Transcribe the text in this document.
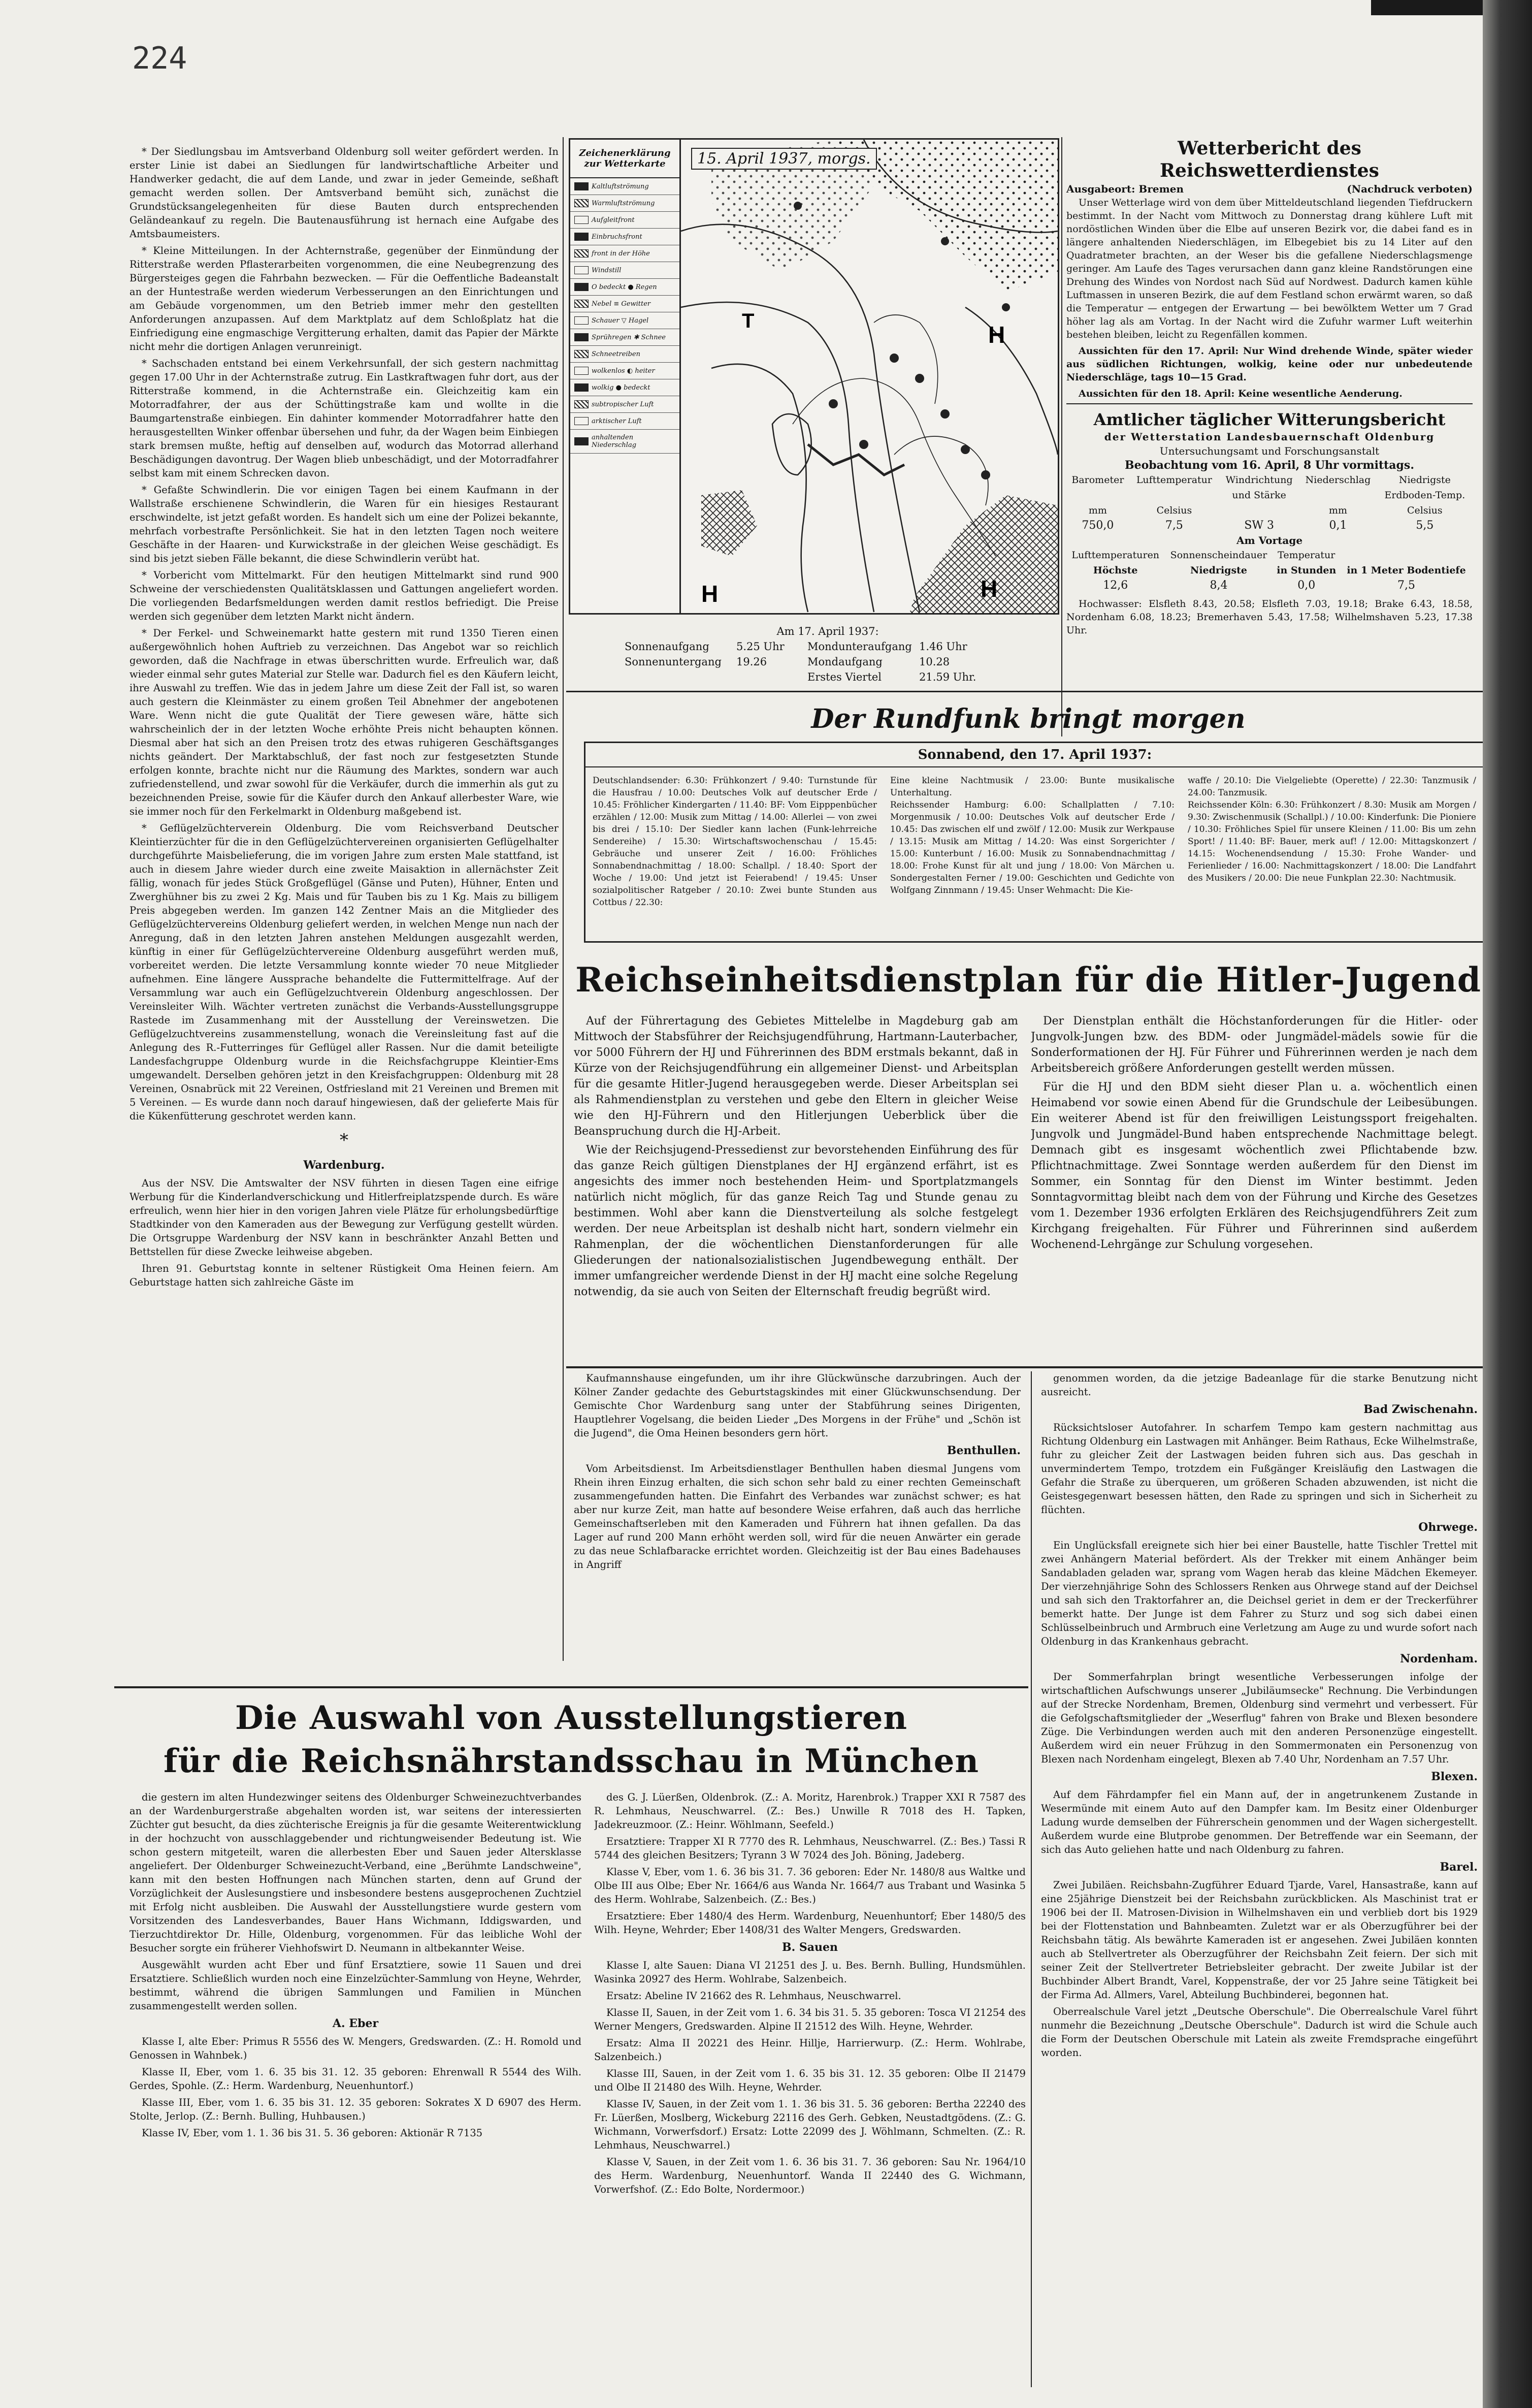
224

* Der Siedlungsbau im Amtsverband Oldenburg soll weiter gefördert werden. In erster Linie ist dabei an Siedlungen für landwirtschaftliche Arbeiter und Handwerker gedacht, die auf dem Lande, und zwar in jeder Gemeinde, seßhaft gemacht werden sollen. Der Amtsverband bemüht sich, zunächst die Grundstücksangelegenheiten für diese Bauten durch entsprechenden Geländeankauf zu regeln. Die Bautenausführung ist hernach eine Aufgabe des Amtsbaumeisters.

* Kleine Mitteilungen. In der Achternstraße, gegenüber der Einmündung der Ritterstraße werden Pflasterarbeiten vorgenommen, die eine Neubegrenzung des Bürgersteiges gegen die Fahrbahn bezwecken. — Für die Oeffentliche Badeanstalt an der Huntestraße werden wiederum Verbesserungen an den Einrichtungen und am Gebäude vorgenommen, um den Betrieb immer mehr den gestellten Anforderungen anzupassen. Auf dem Marktplatz auf dem Schloßplatz hat die Einfriedigung eine engmaschige Vergitterung erhalten, damit das Papier der Märkte nicht mehr die dortigen Anlagen verunreinigt.

* Sachschaden entstand bei einem Verkehrsunfall, der sich gestern nachmittag gegen 17.00 Uhr in der Achternstraße zutrug. Ein Lastkraftwagen fuhr dort, aus der Ritterstraße kommend, in die Achternstraße ein. Gleichzeitig kam ein Motorradfahrer, der aus der Schüttingstraße kam und wollte in die Baumgartenstraße einbiegen. Ein dahinter kommender Motorradfahrer hatte den herausgestellten Winker offenbar übersehen und fuhr, da der Wagen beim Einbiegen stark bremsen mußte, heftig auf denselben auf, wodurch das Motorrad allerhand Beschädigungen davontrug. Der Wagen blieb unbeschädigt, und der Motorradfahrer selbst kam mit einem Schrecken davon.

* Gefaßte Schwindlerin. Die vor einigen Tagen bei einem Kaufmann in der Wallstraße erschienene Schwindlerin, die Waren für ein hiesiges Restaurant erschwindelte, ist jetzt gefaßt worden. Es handelt sich um eine der Polizei bekannte, mehrfach vorbestrafte Persönlichkeit. Sie hat in den letzten Tagen noch weitere Geschäfte in der Haaren- und Kurwickstraße in der gleichen Weise geschädigt. Es sind bis jetzt sieben Fälle bekannt, die diese Schwindlerin verübt hat.

* Vorbericht vom Mittelmarkt. Für den heutigen Mittelmarkt sind rund 900 Schweine der verschiedensten Qualitätsklassen und Gattungen angeliefert worden. Die vorliegenden Bedarfsmeldungen werden damit restlos befriedigt. Die Preise werden sich gegenüber dem letzten Markt nicht ändern.

* Der Ferkel- und Schweinemarkt hatte gestern mit rund 1350 Tieren einen außergewöhnlich hohen Auftrieb zu verzeichnen. Das Angebot war so reichlich geworden, daß die Nachfrage in etwas überschritten wurde. Erfreulich war, daß wieder einmal sehr gutes Material zur Stelle war. Dadurch fiel es den Käufern leicht, ihre Auswahl zu treffen. Wie das in jedem Jahre um diese Zeit der Fall ist, so waren auch gestern die Kleinmäster zu einem großen Teil Abnehmer der angebotenen Ware. Wenn nicht die gute Qualität der Tiere gewesen wäre, hätte sich wahrscheinlich der in der letzten Woche erhöhte Preis nicht behaupten können. Diesmal aber hat sich an den Preisen trotz des etwas ruhigeren Geschäftsganges nichts geändert. Der Marktabschluß, der fast noch zur festgesetzten Stunde erfolgen konnte, brachte nicht nur die Räumung des Marktes, sondern war auch zufriedenstellend, und zwar sowohl für die Verkäufer, durch die immerhin als gut zu bezeichnenden Preise, sowie für die Käufer durch den Ankauf allerbester Ware, wie sie immer noch für den Ferkelmarkt in Oldenburg maßgebend ist.

* Geflügelzüchterverein Oldenburg. Die vom Reichsverband Deutscher Kleintierzüchter für die in den Geflügelzüchtervereinen organisierten Geflügelhalter durchgeführte Maisbelieferung, die im vorigen Jahre zum ersten Male stattfand, ist auch in diesem Jahre wieder durch eine zweite Maisaktion in allernächster Zeit fällig, wonach für jedes Stück Großgeflügel (Gänse und Puten), Hühner, Enten und Zwerghühner bis zu zwei 2 Kg. Mais und für Tauben bis zu 1 Kg. Mais zu billigem Preis abgegeben werden. Im ganzen 142 Zentner Mais an die Mitglieder des Geflügelzüchtervereins Oldenburg geliefert werden, in welchen Menge nun nach der Anregung, daß in den letzten Jahren anstehen Meldungen ausgezahlt werden, künftig in einer für Geflügelzüchtervereine Oldenburg ausgeführt werden muß, vorbereitet werden. Die letzte Versammlung konnte wieder 70 neue Mitglieder aufnehmen. Eine längere Aussprache behandelte die Futtermittelfrage. Auf der Versammlung war auch ein Geflügelzuchtverein Oldenburg angeschlossen. Der Vereinsleiter Wilh. Wächter vertreten zunächst die Verbands-Ausstellungsgruppe Rastede im Zusammenhang mit der Ausstellung der Vereinswetzen. Die Geflügelzuchtvereins zusammenstellung, wonach die Vereinsleitung fast auf die Anlegung des R.-Futterringes für Geflügel aller Rassen. Nur die damit beteiligte Landesfachgruppe Oldenburg wurde in die Reichsfachgruppe Kleintier-Ems umgewandelt. Derselben gehören jetzt in den Kreisfachgruppen: Oldenburg mit 28 Vereinen, Osnabrück mit 22 Vereinen, Ostfriesland mit 21 Vereinen und Bremen mit 5 Vereinen. — Es wurde dann noch darauf hingewiesen, daß der gelieferte Mais für die Kükenfütterung geschrotet werden kann.

*

Wardenburg.

Aus der NSV. Die Amtswalter der NSV führten in diesen Tagen eine eifrige Werbung für die Kinderlandverschickung und Hitlerfreiplatzspende durch. Es wäre erfreulich, wenn hier hier in den vorigen Jahren viele Plätze für erholungsbedürftige Stadtkinder von den Kameraden aus der Bewegung zur Verfügung gestellt würden. Die Ortsgruppe Wardenburg der NSV kann in beschränkter Anzahl Betten und Bettstellen für diese Zwecke leihweise abgeben.

Ihren 91. Geburtstag konnte in seltener Rüstigkeit Oma Heinen feiern. Am Geburtstage hatten sich zahlreiche Gäste im

Zeichenerklärung zur Wetterkarte
Kaltluftströmung
Warmluftströmung
Aufgleitfront
Einbruchsfront
front in der Höhe
Windstill
O bedeckt ● Regen
Nebel ≡ Gewitter
Schauer ▽ Hagel
Sprühregen ✱ Schnee
Schneetreiben
wolkenlos ◐ heiter
wolkig ● bedeckt
subtropischer Luft
arktischer Luft
anhaltenden Niederschlag
H
T
H	H
15. April 1937, morgs.
Am 17. April 1937:
Sonnenaufgang	5.25 Uhr	Mondunteraufgang 1.46 Uhr
Sonnenuntergang	19.26	Mondaufgang	10.28
Erstes Viertel	21.59 Uhr.
Wetterbericht des Reichswetterdienstes
Ausgabeort: Bremen	(Nachdruck verboten)

Unser Wetterlage wird von dem über Mitteldeutschland liegenden Tiefdruckern bestimmt. In der Nacht vom Mittwoch zu Donnerstag drang kühlere Luft mit nordöstlichen Winden über die Elbe auf unseren Bezirk vor, die dabei fand es in längere anhaltenden Niederschlägen, im Elbegebiet bis zu 14 Liter auf den Quadratmeter brachten, an der Weser bis die gefallene Niederschlagsmenge geringer. Am Laufe des Tages verursachen dann ganz kleine Randstörungen eine Drehung des Windes von Nordost nach Süd auf Nordwest. Dadurch kamen kühle Luftmassen in unseren Bezirk, die auf dem Festland schon erwärmt waren, so daß die Temperatur — entgegen der Erwartung — bei bewölktem Wetter um 7 Grad höher lag als am Vortag. In der Nacht wird die Zufuhr warmer Luft weiterhin bestehen bleiben, leicht zu Regenfällen kommen.

Aussichten für den 17. April: Nur Wind drehende Winde, später wieder aus südlichen Richtungen, wolkig, keine oder nur unbedeutende Niederschläge, tags 10—15 Grad.

Aussichten für den 18. April: Keine wesentliche Aenderung.

Amtlicher täglicher Witterungsbericht
der Wetterstation Landesbauernschaft Oldenburg
Untersuchungsamt und Forschungsanstalt
Beobachtung vom 16. April, 8 Uhr vormittags.
Barometer	Lufttemperatur	Windrichtung	Niederschlag	Niedrigste
		und Stärke		Erdboden-Temp.
mm	Celsius		mm	Celsius
750,0	7,5	SW 3	0,1	5,5
Am Vortage
Lufttemperaturen	Sonnenscheindauer	Temperatur	
Höchste	Niedrigste	in Stunden	in 1 Meter Bodentiefe
12,6	8,4	0,0	7,5

Hochwasser: Elsfleth 8.43, 20.58; Elsfleth 7.03, 19.18; Brake 6.43, 18.58, Nordenham 6.08, 18.23; Bremerhaven 5.43, 17.58; Wilhelmshaven 5.23, 17.38 Uhr.

Der Rundfunk bringt morgen
Sonnabend, den 17. April 1937:
Deutschlandsender: 6.30: Frühkonzert / 9.40: Turnstunde für die Hausfrau / 10.00: Deutsches Volk auf deutscher Erde / 10.45: Fröhlicher Kindergarten / 11.40: BF: Vom Eipppenbücher erzählen / 12.00: Musik zum Mittag / 14.00: Allerlei — von zwei bis drei / 15.10: Der Siedler kann lachen (Funk-lehrreiche Sendereihe) / 15.30: Wirtschaftswochenschau / 15.45: Gebräuche und unserer Zeit / 16.00: Fröhliches Sonnabendnachmittag / 18.00: Schallpl. / 18.40: Sport der Woche / 19.00: Und jetzt ist Feierabend! / 19.45: Unser sozialpolitischer Ratgeber / 20.10: Zwei bunte Stunden aus Cottbus / 22.30:
Eine kleine Nachtmusik / 23.00: Bunte musikalische Unterhaltung.
Reichssender Hamburg: 6.00: Schallplatten / 7.10: Morgenmusik / 10.00: Deutsches Volk auf deutscher Erde / 10.45: Das zwischen elf und zwölf / 12.00: Musik zur Werkpause / 13.15: Musik am Mittag / 14.20: Was einst Sorgerichter / 15.00: Kunterbunt / 16.00: Musik zu Sonnabendnachmittag / 18.00: Frohe Kunst für alt und jung / 18.00: Von Märchen u. Sondergestalten Ferner / 19.00: Geschichten und Gedichte von Wolfgang Zinnmann / 19.45: Unser Wehmacht: Die Kie-
waffe / 20.10: Die Vielgeliebte (Operette) / 22.30: Tanzmusik / 24.00: Tanzmusik.
Reichssender Köln: 6.30: Frühkonzert / 8.30: Musik am Morgen / 9.30: Zwischenmusik (Schallpl.) / 10.00: Kinderfunk: Die Pioniere / 10.30: Fröhliches Spiel für unsere Kleinen / 11.00: Bis um zehn Sport! / 11.40: BF: Bauer, merk auf! / 12.00: Mittagskonzert / 14.15: Wochenendsendung / 15.30: Frohe Wander- und Ferienlieder / 16.00: Nachmittagskonzert / 18.00: Die Landfahrt des Musikers / 20.00: Die neue Funkplan 22.30: Nachtmusik.
Reichseinheitsdienstplan für die Hitler-Jugend

Auf der Führertagung des Gebietes Mittelelbe in Magdeburg gab am Mittwoch der Stabsführer der Reichsjugendführung, Hartmann-Lauterbacher, vor 5000 Führern der HJ und Führerinnen des BDM erstmals bekannt, daß in Kürze von der Reichsjugendführung ein allgemeiner Dienst- und Arbeitsplan für die gesamte Hitler-Jugend herausgegeben werde. Dieser Arbeitsplan sei als Rahmendienstplan zu verstehen und gebe den Eltern in gleicher Weise wie den HJ-Führern und den Hitlerjungen Ueberblick über die Beanspruchung durch die HJ-Arbeit.

Wie der Reichsjugend-Pressedienst zur bevorstehenden Einführung des für das ganze Reich gültigen Dienstplanes der HJ ergänzend erfährt, ist es angesichts des immer noch bestehenden Heim- und Sportplatzmangels natürlich nicht möglich, für das ganze Reich Tag und Stunde genau zu bestimmen. Wohl aber kann die Dienstverteilung als solche festgelegt werden. Der neue Arbeitsplan ist deshalb nicht hart, sondern vielmehr ein Rahmenplan, der die wöchentlichen Dienstanforderungen für alle Gliederungen der nationalsozialistischen Jugendbewegung enthält. Der immer umfangreicher werdende Dienst in der HJ macht eine solche Regelung notwendig, da sie auch von Seiten der Elternschaft freudig begrüßt wird.

Der Dienstplan enthält die Höchstanforderungen für die Hitler- oder Jungvolk-Jungen bzw. des BDM- oder Jungmädel-mädels sowie für die Sonderformationen der HJ. Für Führer und Führerinnen werden je nach dem Arbeitsbereich größere Anforderungen gestellt werden müssen.

Für die HJ und den BDM sieht dieser Plan u. a. wöchentlich einen Heimabend vor sowie einen Abend für die Grundschule der Leibesübungen. Ein weiterer Abend ist für den freiwilligen Leistungssport freigehalten. Jungvolk und Jungmädel-Bund haben entsprechende Nachmittage belegt. Demnach gibt es insgesamt wöchentlich zwei Pflichtabende bzw. Pflichtnachmittage. Zwei Sonntage werden außerdem für den Dienst im Sommer, ein Sonntag für den Dienst im Winter bestimmt. Jeden Sonntagvormittag bleibt nach dem von der Führung und Kirche des Gesetzes vom 1. Dezember 1936 erfolgten Erklären des Reichsjugendführers Zeit zum Kirchgang freigehalten. Für Führer und Führerinnen sind außerdem Wochenend-Lehrgänge zur Schulung vorgesehen.

Kaufmannshause eingefunden, um ihr ihre Glückwünsche darzubringen. Auch der Kölner Zander gedachte des Geburtstagskindes mit einer Glückwunschsendung. Der Gemischte Chor Wardenburg sang unter der Stabführung seines Dirigenten, Hauptlehrer Vogelsang, die beiden Lieder „Des Morgens in der Frühe" und „Schön ist die Jugend", die Oma Heinen besonders gern hört.

Benthullen.

Vom Arbeitsdienst. Im Arbeitsdienstlager Benthullen haben diesmal Jungens vom Rhein ihren Einzug erhalten, die sich schon sehr bald zu einer rechten Gemeinschaft zusammengefunden hatten. Die Einfahrt des Verbandes war zunächst schwer; es hat aber nur kurze Zeit, man hatte auf besondere Weise erfahren, daß auch das herrliche Gemeinschaftserleben mit den Kameraden und Führern hat ihnen gefallen. Da das Lager auf rund 200 Mann erhöht werden soll, wird für die neuen Anwärter ein gerade zu das neue Schlafbaracke errichtet worden. Gleichzeitig ist der Bau eines Badehauses in Angriff

genommen worden, da die jetzige Badeanlage für die starke Benutzung nicht ausreicht.

Bad Zwischenahn.

Rücksichtsloser Autofahrer. In scharfem Tempo kam gestern nachmittag aus Richtung Oldenburg ein Lastwagen mit Anhänger. Beim Rathaus, Ecke Wilhelmstraße, fuhr zu gleicher Zeit der Lastwagen beiden fuhren sich aus. Das geschah in unvermindertem Tempo, trotzdem ein Fußgänger Kreisläufig den Lastwagen die Gefahr die Straße zu überqueren, um größeren Schaden abzuwenden, ist nicht die Geistesgegenwart besessen hätten, den Rade zu springen und sich in Sicherheit zu flüchten.

Ohrwege.

Ein Unglücksfall ereignete sich hier bei einer Baustelle, hatte Tischler Trettel mit zwei Anhängern Material befördert. Als der Trekker mit einem Anhänger beim Sandabladen geladen war, sprang vom Wagen herab das kleine Mädchen Ekemeyer. Der vierzehnjährige Sohn des Schlossers Renken aus Ohrwege stand auf der Deichsel und sah sich den Traktorfahrer an, die Deichsel geriet in dem er der Treckerführer bemerkt hatte. Der Junge ist dem Fahrer zu Sturz und sog sich dabei einen Schlüsselbeinbruch und Armbruch eine Verletzung am Auge zu und wurde sofort nach Oldenburg in das Krankenhaus gebracht.

Nordenham.

Der Sommerfahrplan bringt wesentliche Verbesserungen infolge der wirtschaftlichen Aufschwungs unserer „Jubiläumsecke" Rechnung. Die Verbindungen auf der Strecke Nordenham, Bremen, Oldenburg sind vermehrt und verbessert. Für die Gefolgschaftsmitglieder der „Weserflug" fahren von Brake und Blexen besondere Züge. Die Verbindungen werden auch mit den anderen Personenzüge eingestellt. Außerdem wird ein neuer Frühzug in den Sommermonaten ein Personenzug von Blexen nach Nordenham eingelegt, Blexen ab 7.40 Uhr, Nordenham an 7.57 Uhr.

Blexen.

Auf dem Fährdampfer fiel ein Mann auf, der in angetrunkenem Zustande in Wesermünde mit einem Auto auf den Dampfer kam. Im Besitz einer Oldenburger Ladung wurde demselben der Führerschein genommen und der Wagen sichergestellt. Außerdem wurde eine Blutprobe genommen. Der Betreffende war ein Seemann, der sich das Auto geliehen hatte und nach Oldenburg zu fahren.

Barel.

Zwei Jubiläen. Reichsbahn-Zugführer Eduard Tjarde, Varel, Hansastraße, kann auf eine 25jährige Dienstzeit bei der Reichsbahn zurückblicken. Als Maschinist trat er 1906 bei der II. Matrosen-Division in Wilhelmshaven ein und verblieb dort bis 1929 bei der Flottenstation und Bahnbeamten. Zuletzt war er als Oberzugführer bei der Reichsbahn tätig. Als bewährte Kameraden ist er angesehen. Zwei Jubiläen konnten auch ab Stellvertreter als Oberzugführer der Reichsbahn Zeit feiern. Der sich mit seiner Zeit der Stellvertreter Betriebsleiter gebracht. Der zweite Jubilar ist der Buchbinder Albert Brandt, Varel, Koppenstraße, der vor 25 Jahre seine Tätigkeit bei der Firma Ad. Allmers, Varel, Abteilung Buchbinderei, begonnen hat.

Oberrealschule Varel jetzt „Deutsche Oberschule". Die Oberrealschule Varel führt nunmehr die Bezeichnung „Deutsche Oberschule". Dadurch ist wird die Schule auch die Form der Deutschen Oberschule mit Latein als zweite Fremdsprache eingeführt worden.

Die Auswahl von Ausstellungstieren
für die Reichsnährstandsschau in München

die gestern im alten Hundezwinger seitens des Oldenburger Schweinezuchtverbandes an der Wardenburgerstraße abgehalten worden ist, war seitens der interessierten Züchter gut besucht, da dies züchterische Ereignis ja für die gesamte Weiterentwicklung in der hochzucht von ausschlaggebender und richtungweisender Bedeutung ist. Wie schon gestern mitgeteilt, waren die allerbesten Eber und Sauen jeder Altersklasse angeliefert. Der Oldenburger Schweinezucht-Verband, eine „Berühmte Landschweine", kann mit den besten Hoffnungen nach München starten, denn auf Grund der Vorzüglichkeit der Auslesungstiere und insbesondere bestens ausgeprochenen Zuchtziel mit Erfolg nicht ausbleiben. Die Auswahl der Ausstellungstiere wurde gestern vom Vorsitzenden des Landesverbandes, Bauer Hans Wichmann, Iddigswarden, und Tierzuchtdirektor Dr. Hille, Oldenburg, vorgenommen. Für das leibliche Wohl der Besucher sorgte ein früherer Viehhofswirt D. Neumann in altbekannter Weise.

Ausgewählt wurden acht Eber und fünf Ersatztiere, sowie 11 Sauen und drei Ersatztiere. Schließlich wurden noch eine Einzelzüchter-Sammlung von Heyne, Wehrder, bestimmt, während die übrigen Sammlungen und Familien in München zusammengestellt werden sollen.

A. Eber

Klasse I, alte Eber: Primus R 5556 des W. Mengers, Gredswarden. (Z.: H. Romold und Genossen in Wahnbek.)

Klasse II, Eber, vom 1. 6. 35 bis 31. 12. 35 geboren: Ehrenwall R 5544 des Wilh. Gerdes, Spohle. (Z.: Herm. Wardenburg, Neuenhuntorf.)

Klasse III, Eber, vom 1. 6. 35 bis 31. 12. 35 geboren: Sokrates X D 6907 des Herm. Stolte, Jerlop. (Z.: Bernh. Bulling, Huhbausen.)

Klasse IV, Eber, vom 1. 1. 36 bis 31. 5. 36 geboren: Aktionär R 7135

des G. J. Lüerßen, Oldenbrok. (Z.: A. Moritz, Harenbrok.) Trapper XXI R 7587 des R. Lehmhaus, Neuschwarrel. (Z.: Bes.) Unwille R 7018 des H. Tapken, Jadekreuzmoor. (Z.: Heinr. Wöhlmann, Seefeld.)

Ersatztiere: Trapper XI R 7770 des R. Lehmhaus, Neuschwarrel. (Z.: Bes.) Tassi R 5744 des gleichen Besitzers; Tyrann 3 W 7024 des Joh. Böning, Jadeberg.

Klasse V, Eber, vom 1. 6. 36 bis 31. 7. 36 geboren: Eder Nr. 1480/8 aus Waltke und Olbe III aus Olbe; Eber Nr. 1664/6 aus Wanda Nr. 1664/7 aus Trabant und Wasinka 5 des Herm. Wohlrabe, Salzenbeich. (Z.: Bes.)

Ersatztiere: Eber 1480/4 des Herm. Wardenburg, Neuenhuntorf; Eber 1480/5 des Wilh. Heyne, Wehrder; Eber 1408/31 des Walter Mengers, Gredswarden.

B. Sauen

Klasse I, alte Sauen: Diana VI 21251 des J. u. Bes. Bernh. Bulling, Hundsmühlen. Wasinka 20927 des Herm. Wohlrabe, Salzenbeich.

Ersatz: Abeline IV 21662 des R. Lehmhaus, Neuschwarrel.

Klasse II, Sauen, in der Zeit vom 1. 6. 34 bis 31. 5. 35 geboren: Tosca VI 21254 des Werner Mengers, Gredswarden. Alpine II 21512 des Wilh. Heyne, Wehrder.

Ersatz: Alma II 20221 des Heinr. Hillje, Harrierwurp. (Z.: Herm. Wohlrabe, Salzenbeich.)

Klasse III, Sauen, in der Zeit vom 1. 6. 35 bis 31. 12. 35 geboren: Olbe II 21479 und Olbe II 21480 des Wilh. Heyne, Wehrder.

Klasse IV, Sauen, in der Zeit vom 1. 1. 36 bis 31. 5. 36 geboren: Bertha 22240 des Fr. Lüerßen, Moslberg, Wickeburg 22116 des Gerh. Gebken, Neustadtgödens. (Z.: G. Wichmann, Vorwerfsdorf.) Ersatz: Lotte 22099 des J. Wöhlmann, Schmelten. (Z.: R. Lehmhaus, Neuschwarrel.)

Klasse V, Sauen, in der Zeit vom 1. 6. 36 bis 31. 7. 36 geboren: Sau Nr. 1964/10 des Herm. Wardenburg, Neuenhuntorf. Wanda II 22440 des G. Wichmann, Vorwerfshof. (Z.: Edo Bolte, Nordermoor.)
